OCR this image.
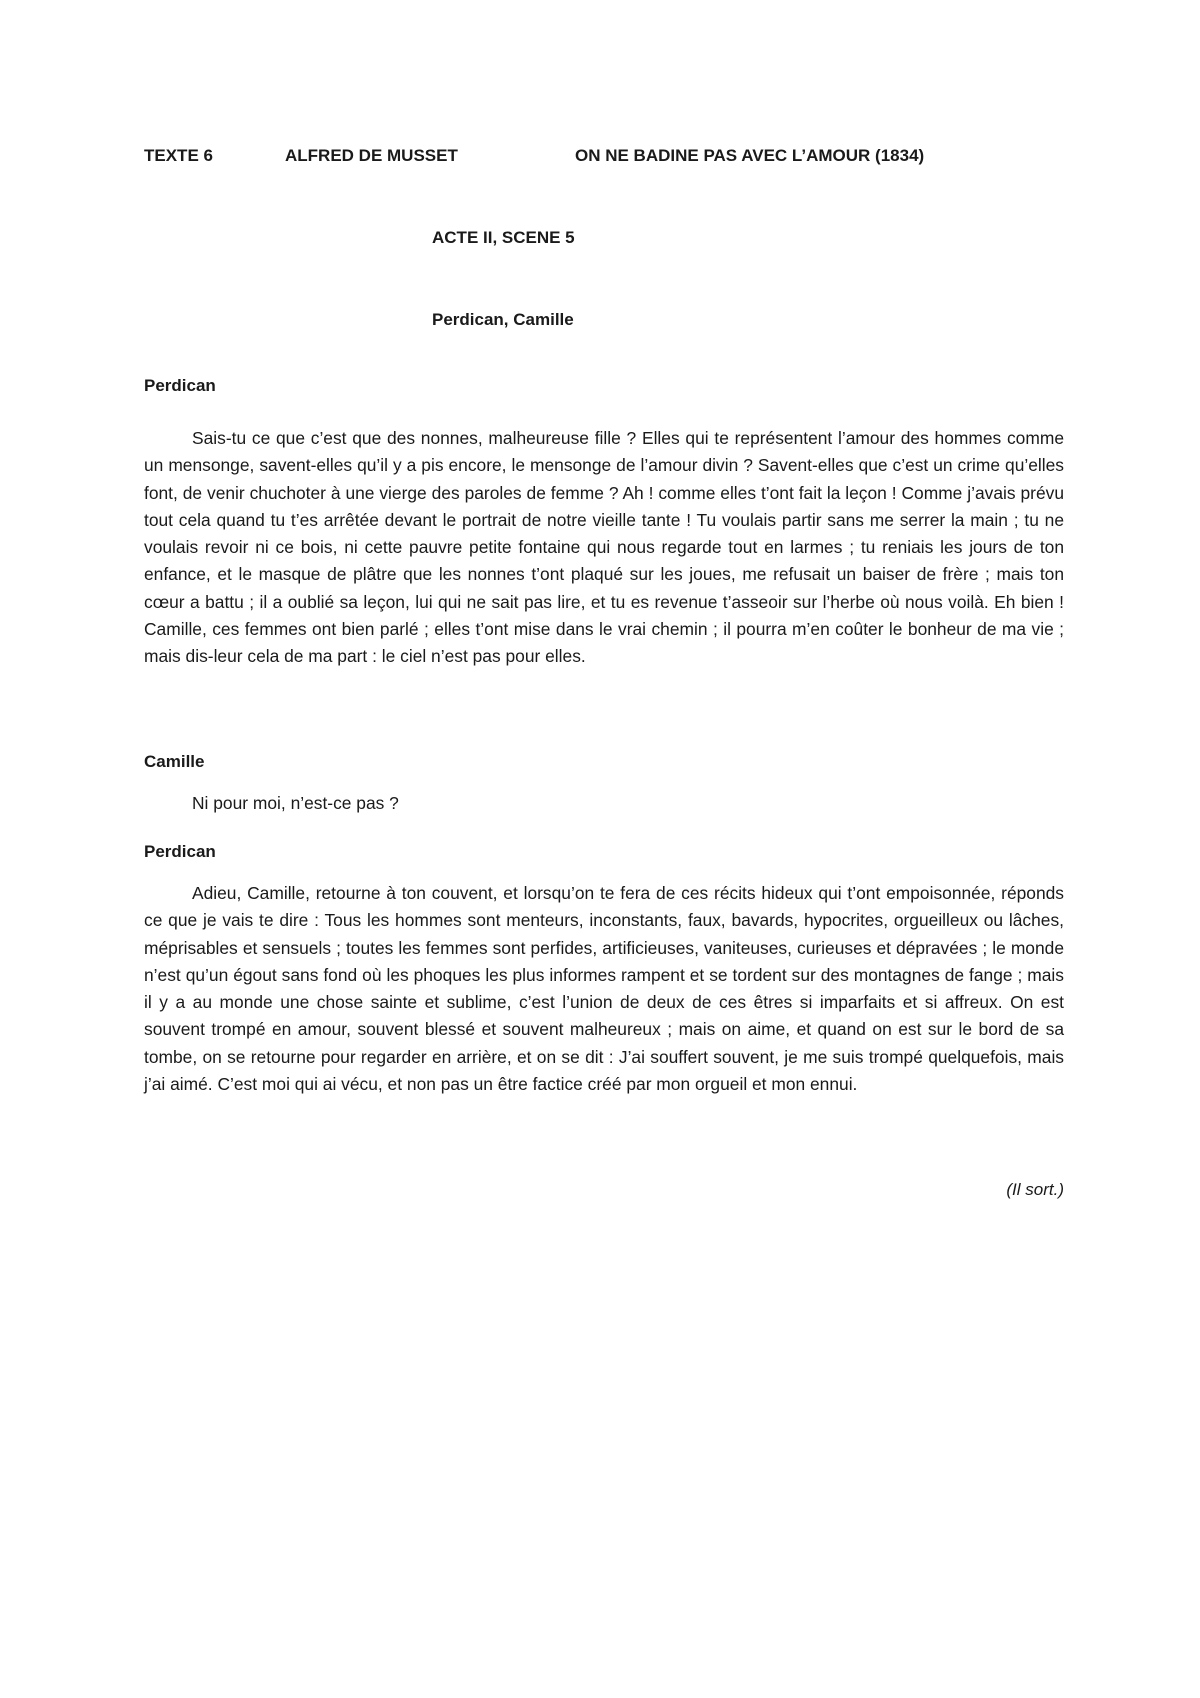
TEXTE 6	ALFRED DE MUSSET	ON NE BADINE PAS AVEC L’AMOUR (1834)
ACTE II, SCENE 5
Perdican, Camille
Perdican

Sais-tu ce que c’est que des nonnes, malheureuse fille ? Elles qui te représentent l’amour des hommes comme un mensonge, savent-elles qu’il y a pis encore, le mensonge de l’amour divin ? Savent-elles que c’est un crime qu’elles font, de venir chuchoter à une vierge des paroles de femme ? Ah ! comme elles t’ont fait la leçon ! Comme j’avais prévu tout cela quand tu t’es arrêtée devant le portrait de notre vieille tante ! Tu voulais partir sans me serrer la main ; tu ne voulais revoir ni ce bois, ni cette pauvre petite fontaine qui nous regarde tout en larmes ; tu reniais les jours de ton enfance, et le masque de plâtre que les nonnes t’ont plaqué sur les joues, me refusait un baiser de frère ; mais ton cœur a battu ; il a oublié sa leçon, lui qui ne sait pas lire, et tu es revenue t’asseoir sur l’herbe où nous voilà. Eh bien ! Camille, ces femmes ont bien parlé ; elles t’ont mise dans le vrai chemin ; il pourra m’en coûter le bonheur de ma vie ; mais dis-leur cela de ma part : le ciel n’est pas pour elles.

Camille

Ni pour moi, n’est-ce pas ?

Perdican

Adieu, Camille, retourne à ton couvent, et lorsqu’on te fera de ces récits hideux qui t’ont empoisonnée, réponds ce que je vais te dire : Tous les hommes sont menteurs, inconstants, faux, bavards, hypocrites, orgueilleux ou lâches, méprisables et sensuels ; toutes les femmes sont perfides, artificieuses, vaniteuses, curieuses et dépravées ; le monde n’est qu’un égout sans fond où les phoques les plus informes rampent et se tordent sur des montagnes de fange ; mais il y a au monde une chose sainte et sublime, c’est l’union de deux de ces êtres si imparfaits et si affreux. On est souvent trompé en amour, souvent blessé et souvent malheureux ; mais on aime, et quand on est sur le bord de sa tombe, on se retourne pour regarder en arrière, et on se dit : J’ai souffert souvent, je me suis trompé quelquefois, mais j’ai aimé. C’est moi qui ai vécu, et non pas un être factice créé par mon orgueil et mon ennui.

(Il sort.)
